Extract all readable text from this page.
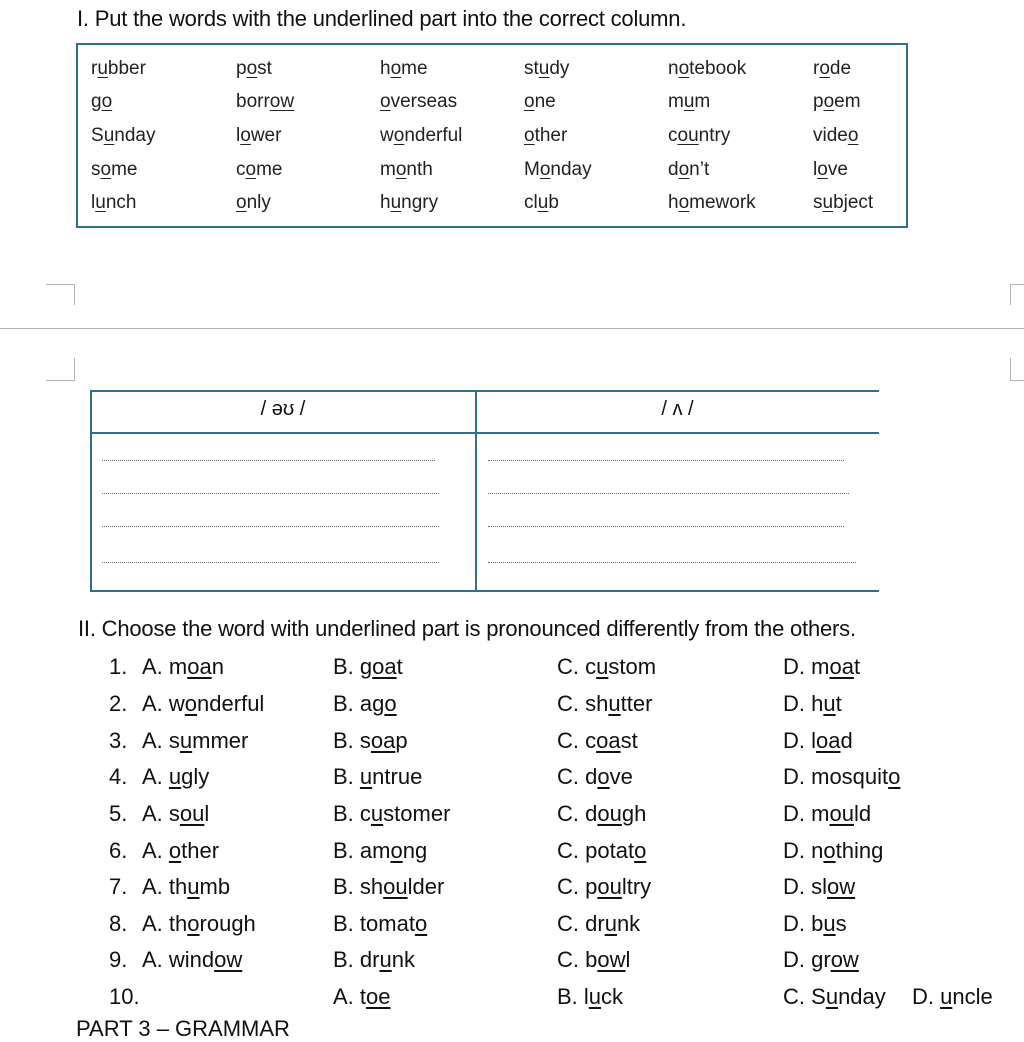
I. Put the words with the underlined part into the correct column.
rubber	post	home	study	notebook	rode
go	borrow	overseas	one	mum	poem
Sunday	lower	wonderful	other	country	video
some	come	month	Monday	don’t	love
lunch	only	hungry	club	homework	subject
/ əʊ /	/ ʌ /
II. Choose the word with underlined part is pronounced differently from the others.
1. A. moan	B. goat	C. custom	D. moat
2. A. wonderful	B. ago	C. shutter	D. hut
3. A. summer	B. soap	C. coast	D. load
4. A. ugly	B. untrue	C. dove	D. mosquito
5. A. soul	B. customer	C. dough	D. mould
6. A. other	B. among	C. potato	D. nothing
7. A. thumb	B. shoulder	C. poultry	D. slow
8. A. thorough	B. tomato	C. drunk	D. bus
9. A. window	B. drunk	C. bowl	D. grow
10.	A. toe	B. luck	C. Sunday D. uncle
PART 3 – GRAMMAR
